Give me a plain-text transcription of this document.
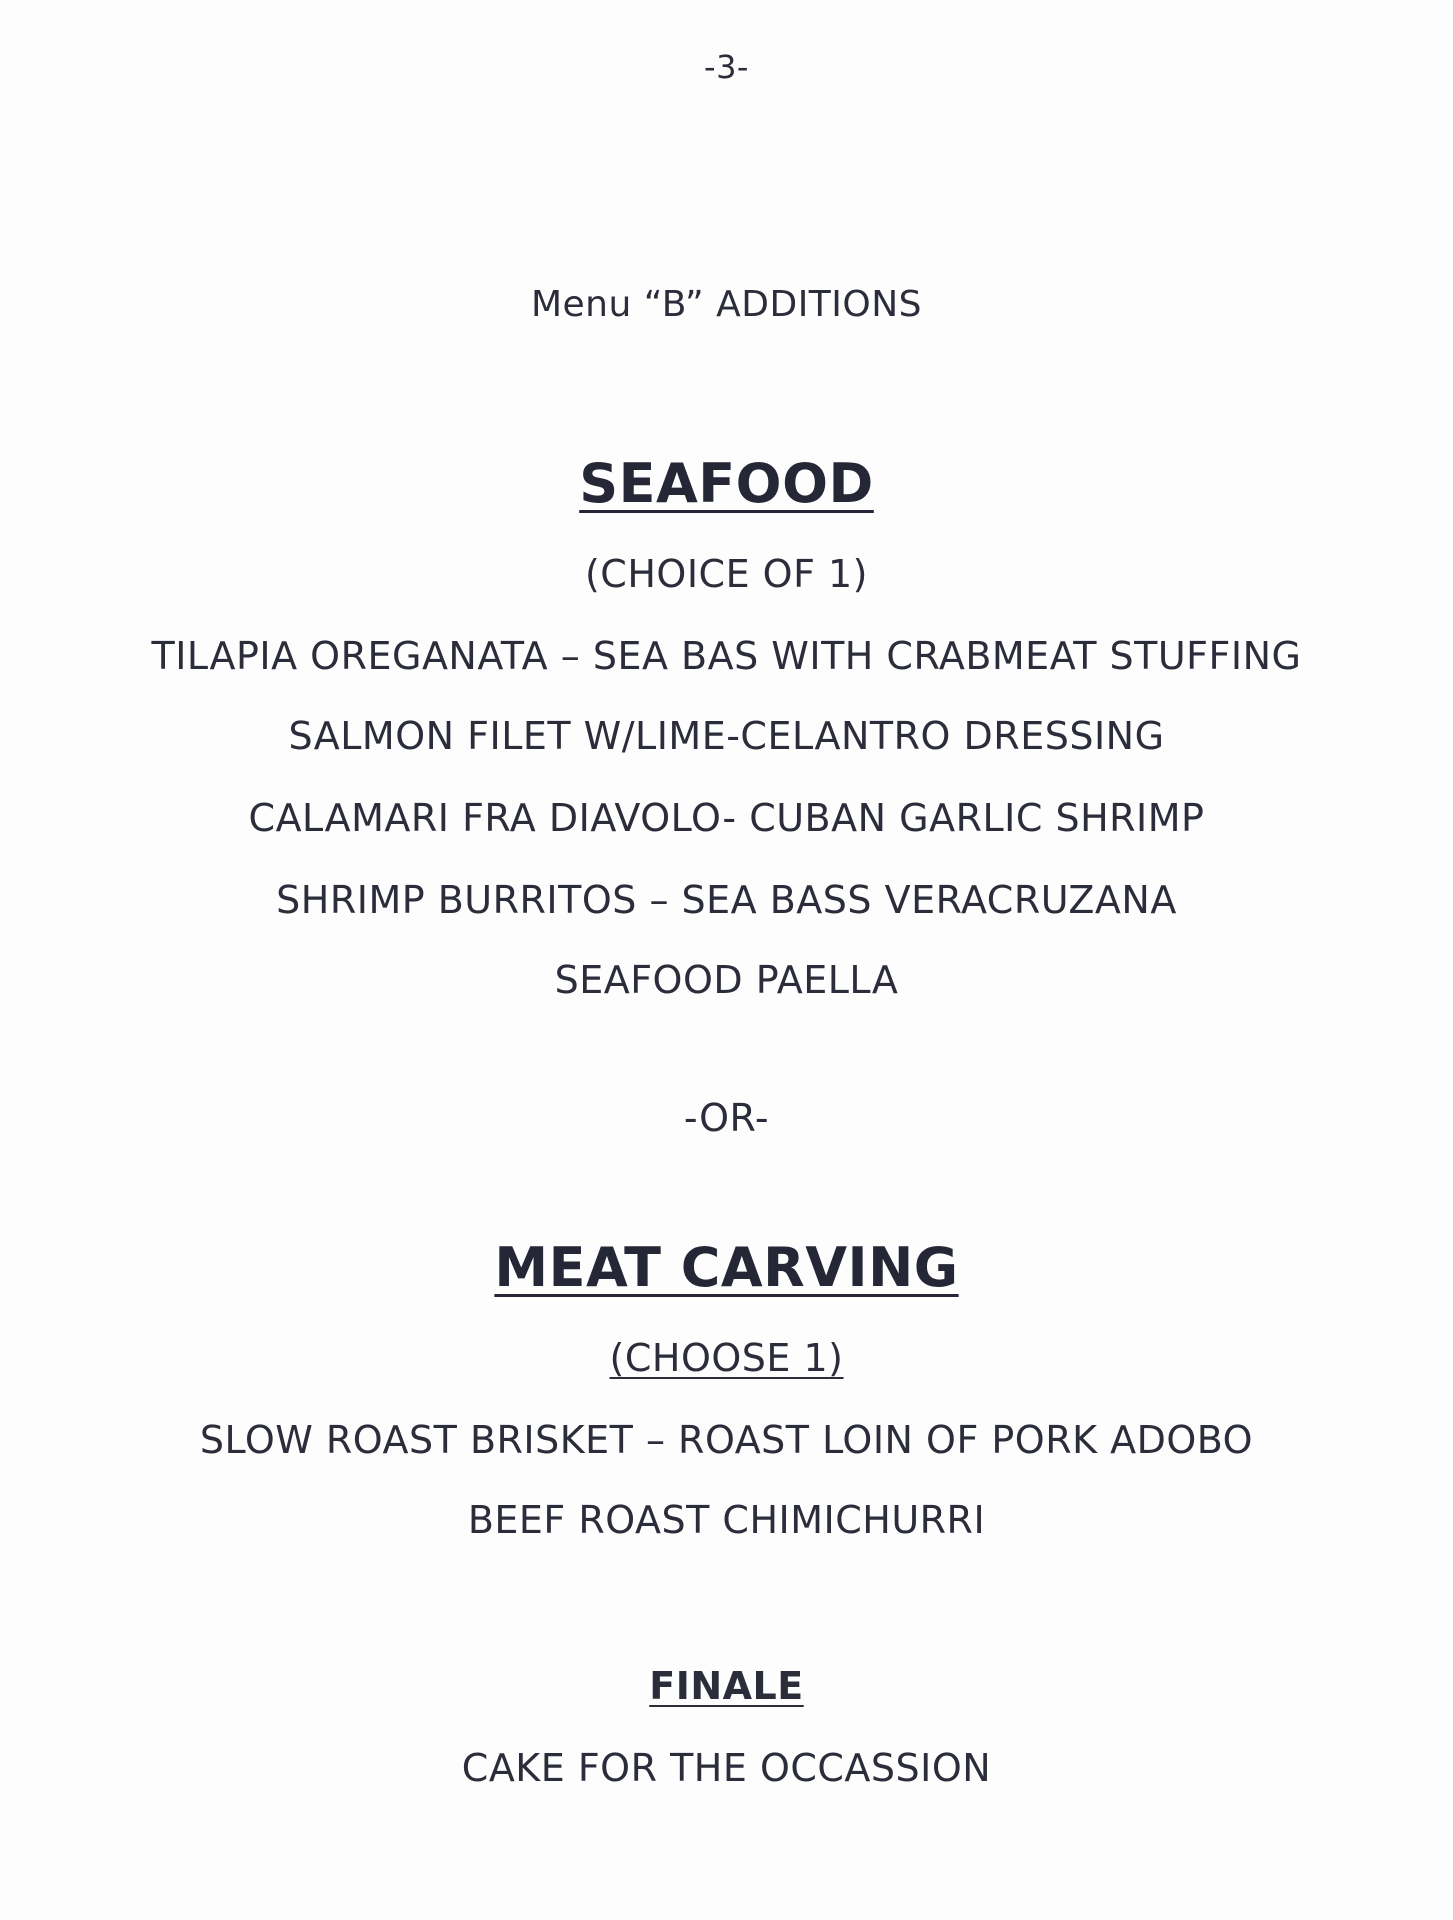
-3-
Menu “B” ADDITIONS
SEAFOOD
(CHOICE OF 1)
TILAPIA OREGANATA – SEA BAS WITH CRABMEAT STUFFING
SALMON FILET W/LIME-CELANTRO DRESSING
CALAMARI FRA DIAVOLO- CUBAN GARLIC SHRIMP
SHRIMP BURRITOS – SEA BASS VERACRUZANA
SEAFOOD PAELLA
-OR-
MEAT CARVING
(CHOOSE 1)
SLOW ROAST BRISKET – ROAST LOIN OF PORK ADOBO
BEEF ROAST CHIMICHURRI
FINALE
CAKE FOR THE OCCASSION
